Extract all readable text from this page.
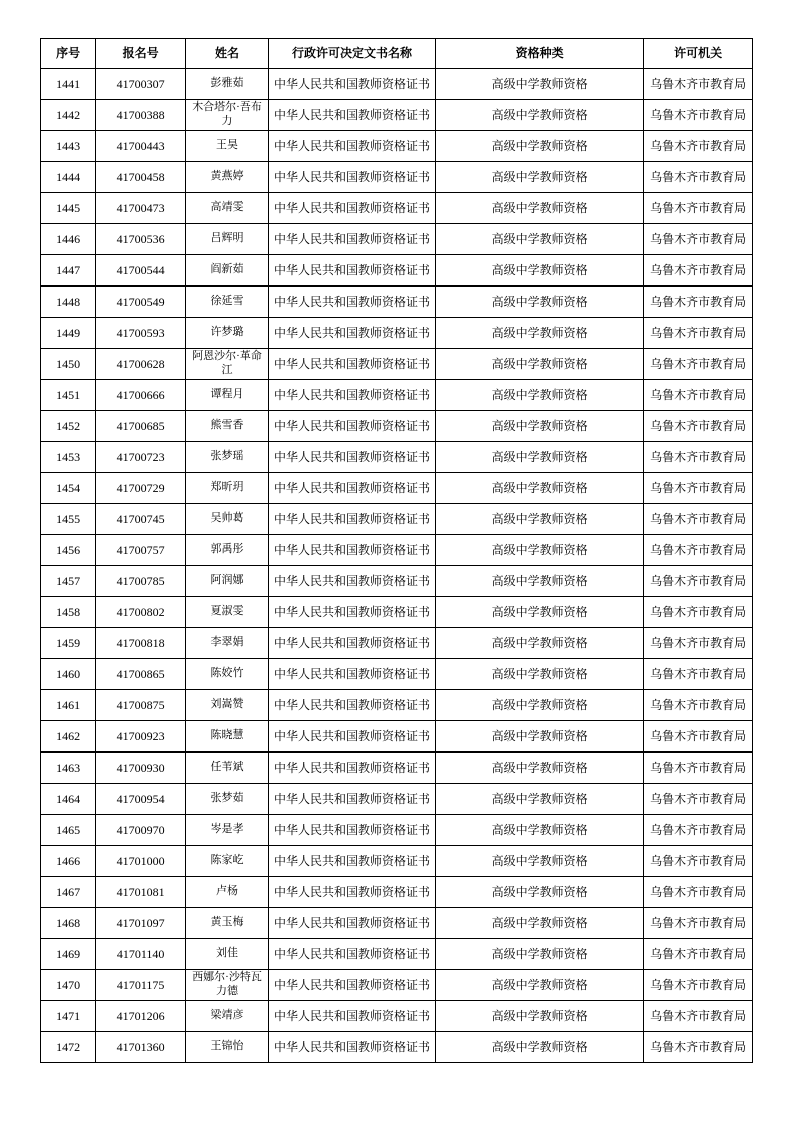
序号	报名号	姓名	行政许可决定文书名称	资格种类	许可机关
1441	41700307	彭雅茹	中华人民共和国教师资格证书	高级中学教师资格	乌鲁木齐市教育局
1442	41700388	木合塔尔·吾布力	中华人民共和国教师资格证书	高级中学教师资格	乌鲁木齐市教育局
1443	41700443	王昊	中华人民共和国教师资格证书	高级中学教师资格	乌鲁木齐市教育局
1444	41700458	黄燕婷	中华人民共和国教师资格证书	高级中学教师资格	乌鲁木齐市教育局
1445	41700473	高靖雯	中华人民共和国教师资格证书	高级中学教师资格	乌鲁木齐市教育局
1446	41700536	吕辉明	中华人民共和国教师资格证书	高级中学教师资格	乌鲁木齐市教育局
1447	41700544	阎新茹	中华人民共和国教师资格证书	高级中学教师资格	乌鲁木齐市教育局
1448	41700549	徐延雪	中华人民共和国教师资格证书	高级中学教师资格	乌鲁木齐市教育局
1449	41700593	许梦璐	中华人民共和国教师资格证书	高级中学教师资格	乌鲁木齐市教育局
1450	41700628	阿恩沙尔·革命江	中华人民共和国教师资格证书	高级中学教师资格	乌鲁木齐市教育局
1451	41700666	谭程月	中华人民共和国教师资格证书	高级中学教师资格	乌鲁木齐市教育局
1452	41700685	熊雪香	中华人民共和国教师资格证书	高级中学教师资格	乌鲁木齐市教育局
1453	41700723	张梦瑶	中华人民共和国教师资格证书	高级中学教师资格	乌鲁木齐市教育局
1454	41700729	郑昕玥	中华人民共和国教师资格证书	高级中学教师资格	乌鲁木齐市教育局
1455	41700745	吴帅葛	中华人民共和国教师资格证书	高级中学教师资格	乌鲁木齐市教育局
1456	41700757	郭禹彤	中华人民共和国教师资格证书	高级中学教师资格	乌鲁木齐市教育局
1457	41700785	阿润娜	中华人民共和国教师资格证书	高级中学教师资格	乌鲁木齐市教育局
1458	41700802	夏淑雯	中华人民共和国教师资格证书	高级中学教师资格	乌鲁木齐市教育局
1459	41700818	李翠娟	中华人民共和国教师资格证书	高级中学教师资格	乌鲁木齐市教育局
1460	41700865	陈姣竹	中华人民共和国教师资格证书	高级中学教师资格	乌鲁木齐市教育局
1461	41700875	刘嵩赞	中华人民共和国教师资格证书	高级中学教师资格	乌鲁木齐市教育局
1462	41700923	陈晓慧	中华人民共和国教师资格证书	高级中学教师资格	乌鲁木齐市教育局
1463	41700930	任苇斌	中华人民共和国教师资格证书	高级中学教师资格	乌鲁木齐市教育局
1464	41700954	张梦茹	中华人民共和国教师资格证书	高级中学教师资格	乌鲁木齐市教育局
1465	41700970	岑是孝	中华人民共和国教师资格证书	高级中学教师资格	乌鲁木齐市教育局
1466	41701000	陈家屹	中华人民共和国教师资格证书	高级中学教师资格	乌鲁木齐市教育局
1467	41701081	卢杨	中华人民共和国教师资格证书	高级中学教师资格	乌鲁木齐市教育局
1468	41701097	黄玉梅	中华人民共和国教师资格证书	高级中学教师资格	乌鲁木齐市教育局
1469	41701140	刘佳	中华人民共和国教师资格证书	高级中学教师资格	乌鲁木齐市教育局
1470	41701175	西娜尔·沙特瓦力德	中华人民共和国教师资格证书	高级中学教师资格	乌鲁木齐市教育局
1471	41701206	梁靖彦	中华人民共和国教师资格证书	高级中学教师资格	乌鲁木齐市教育局
1472	41701360	王锦怡	中华人民共和国教师资格证书	高级中学教师资格	乌鲁木齐市教育局
